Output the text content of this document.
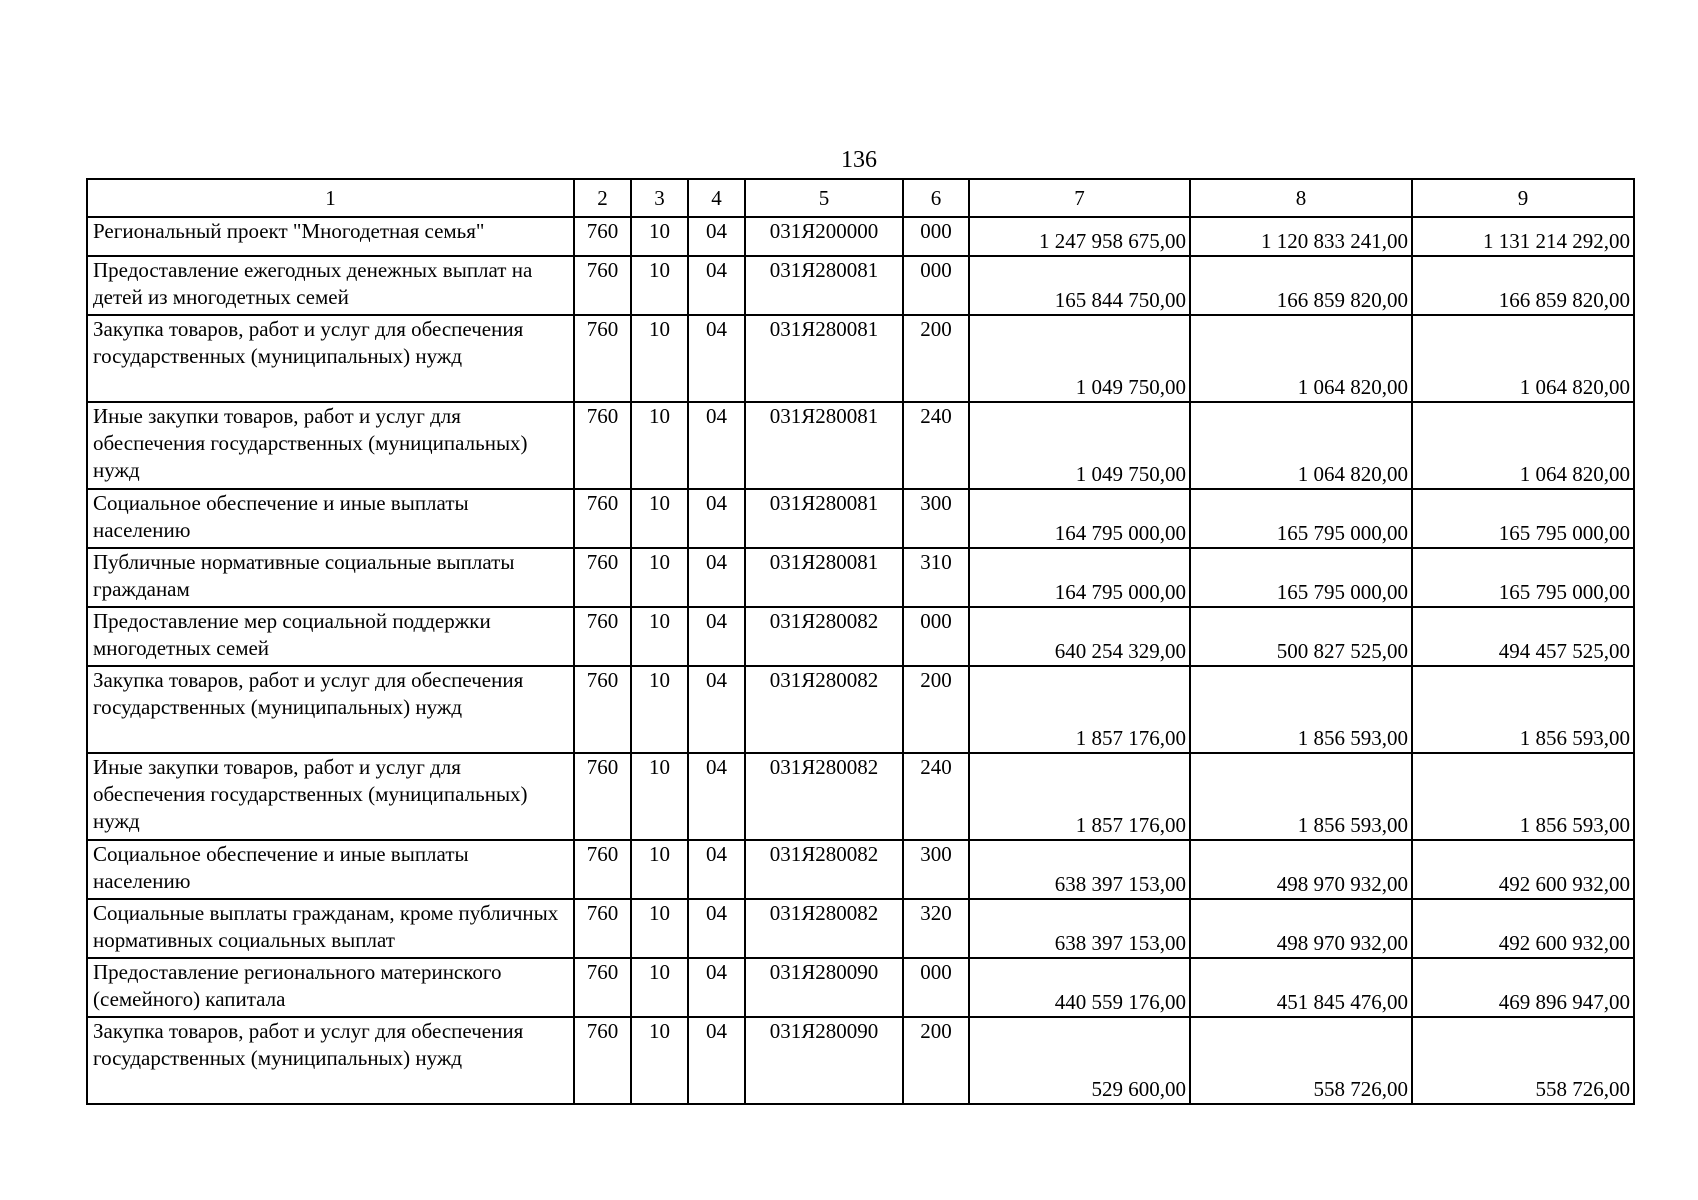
136
1	2	3	4	5	6	7	8	9
Региональный проект "Многодетная семья"	760	10	04	031Я200000	000	1 247 958 675,00	1 120 833 241,00	1 131 214 292,00
Предоставление ежегодных денежных выплат на детей из многодетных семей	760	10	04	031Я280081	000	165 844 750,00	166 859 820,00	166 859 820,00
Закупка товаров, работ и услуг для обеспечения государственных (муниципальных) нужд	760	10	04	031Я280081	200	1 049 750,00	1 064 820,00	1 064 820,00
Иные закупки товаров, работ и услуг для обеспечения государственных (муниципальных) нужд	760	10	04	031Я280081	240	1 049 750,00	1 064 820,00	1 064 820,00
Социальное обеспечение и иные выплаты населению	760	10	04	031Я280081	300	164 795 000,00	165 795 000,00	165 795 000,00
Публичные нормативные социальные выплаты гражданам	760	10	04	031Я280081	310	164 795 000,00	165 795 000,00	165 795 000,00
Предоставление мер социальной поддержки многодетных семей	760	10	04	031Я280082	000	640 254 329,00	500 827 525,00	494 457 525,00
Закупка товаров, работ и услуг для обеспечения государственных (муниципальных) нужд	760	10	04	031Я280082	200	1 857 176,00	1 856 593,00	1 856 593,00
Иные закупки товаров, работ и услуг для обеспечения государственных (муниципальных) нужд	760	10	04	031Я280082	240	1 857 176,00	1 856 593,00	1 856 593,00
Социальное обеспечение и иные выплаты населению	760	10	04	031Я280082	300	638 397 153,00	498 970 932,00	492 600 932,00
Социальные выплаты гражданам, кроме публичных нормативных социальных выплат	760	10	04	031Я280082	320	638 397 153,00	498 970 932,00	492 600 932,00
Предоставление регионального материнского (семейного) капитала	760	10	04	031Я280090	000	440 559 176,00	451 845 476,00	469 896 947,00
Закупка товаров, работ и услуг для обеспечения государственных (муниципальных) нужд	760	10	04	031Я280090	200	529 600,00	558 726,00	558 726,00
